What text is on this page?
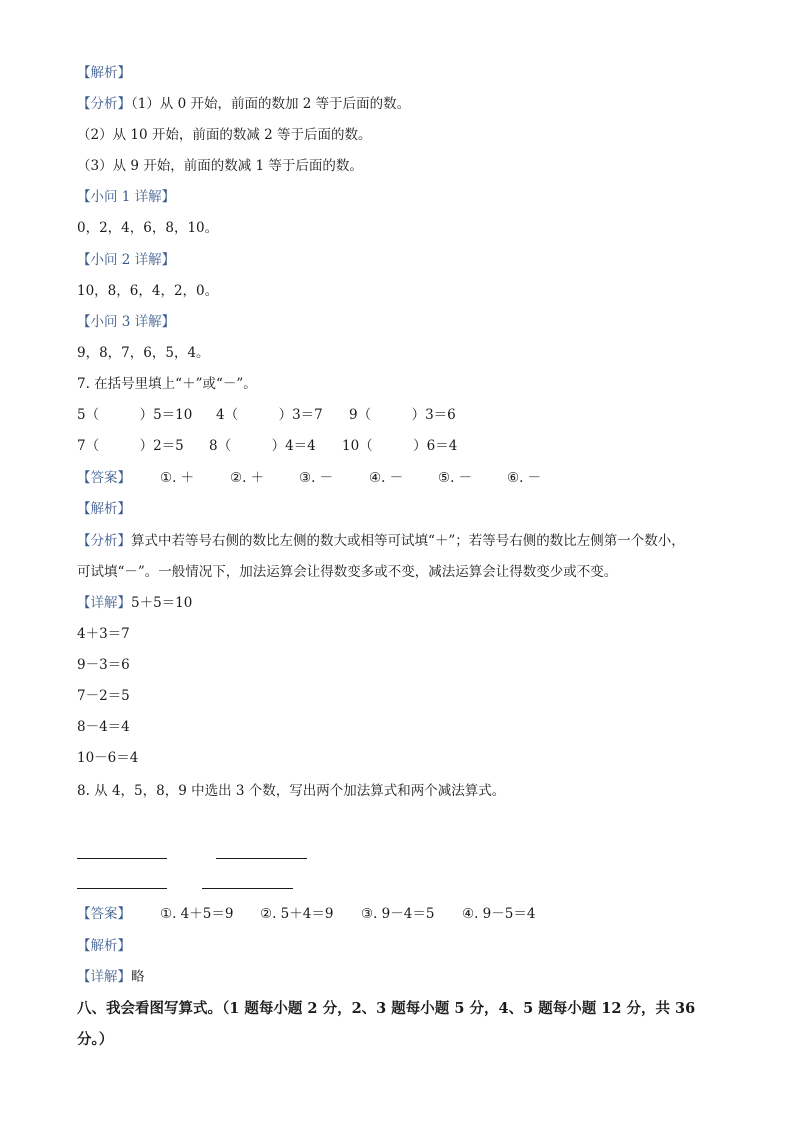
【解析】
【分析】（1）从 0 开始，前面的数加 2 等于后面的数。
（2）从 10 开始，前面的数减 2 等于后面的数。
（3）从 9 开始，前面的数减 1 等于后面的数。
【小问 1 详解】
0，2，4，6，8，10。
【小问 2 详解】
10，8，6，4，2，0。
【小问 3 详解】
9，8，7，6，5，4。
7. 在括号里填上“＋”或“－”。
5（　　　）5＝10 4（　　　）3＝7 9（　　　）3＝6
7（　　　）2＝5 8（　　　）4＝4 10（　　　）6＝4
【答案】 ①. ＋	②. ＋	③. －	④. －	⑤. －	⑥. －
【解析】
【分析】算式中若等号右侧的数比左侧的数大或相等可试填“＋”；若等号右侧的数比左侧第一个数小，
可试填“－”。一般情况下，加法运算会让得数变多或不变，减法运算会让得数变少或不变。
【详解】5＋5＝10
4＋3＝7
9－3＝6
7－2＝5
8－4＝4
10－6＝4
8. 从 4，5，8，9 中选出 3 个数，写出两个加法算式和两个减法算式。
【答案】 ①. 4＋5＝9 ②. 5＋4＝9 ③. 9－4＝5 ④. 9－5＝4
【解析】
【详解】略
八、我会看图写算式。（1 题每小题 2 分，2、3 题每小题 5 分，4、5 题每小题 12 分，共 36
分。）
